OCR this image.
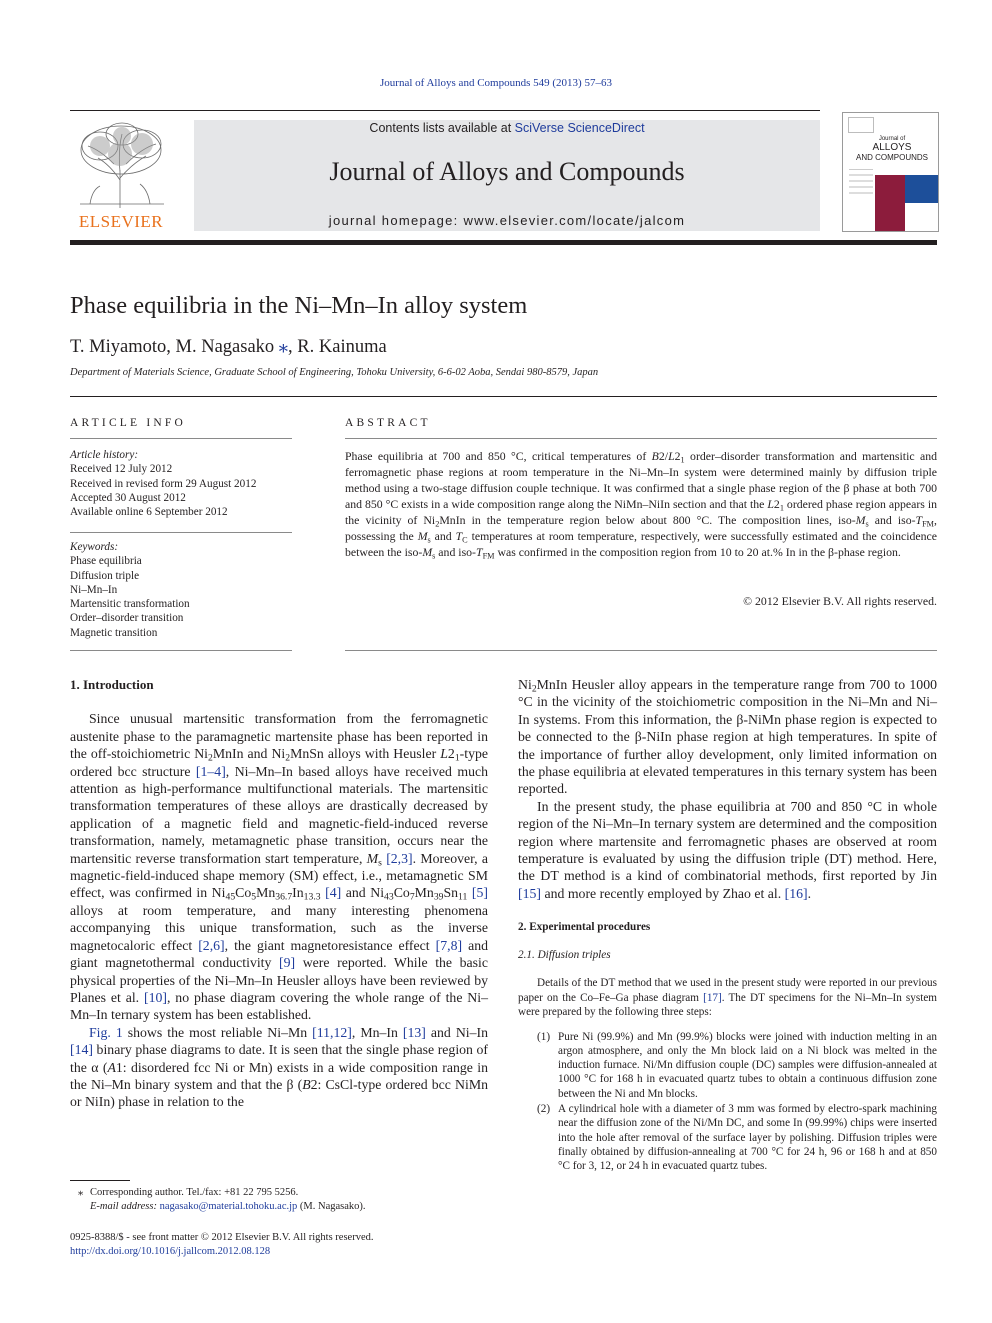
Journal of Alloys and Compounds 549 (2013) 57–63
ELSEVIER
Contents lists available at SciVerse ScienceDirect
Journal of Alloys and Compounds
journal homepage: www.elsevier.com/locate/jalcom
Journal of
ALLOYS
AND COMPOUNDS
Phase equilibria in the Ni–Mn–In alloy system
T. Miyamoto, M. Nagasako ⁎, R. Kainuma
Department of Materials Science, Graduate School of Engineering, Tohoku University, 6-6-02 Aoba, Sendai 980-8579, Japan
ARTICLE INFO	ABSTRACT
Article history:
Received 12 July 2012
Received in revised form 29 August 2012
Accepted 30 August 2012
Available online 6 September 2012
Keywords:
Phase equilibria
Diffusion triple
Ni–Mn–In
Martensitic transformation
Order–disorder transition
Magnetic transition
Phase equilibria at 700 and 850 °C, critical temperatures of $B2/L2_1$ order–disorder transformation and martensitic and ferromagnetic phase regions at room temperature in the Ni–Mn–In system were determined mainly by diffusion triple method using a two-stage diffusion couple technique. It was confirmed that a single phase region of the β phase at both 700 and 850 °C exists in a wide composition range along the NiMn–NiIn section and that the $L2_1$ ordered phase region appears in the vicinity of $Ni_2MnIn$ in the temperature region below about 800 °C. The composition lines, iso-$M_s$ and iso-$T_{FM}$, possessing the $M_s$ and $T_C$ temperatures at room temperature, respectively, were successfully estimated and the coincidence between the iso-$M_s$ and iso-$T_{FM}$ was confirmed in the composition region from 10 to 20 at.% In in the β-phase region.
© 2012 Elsevier B.V. All rights reserved.
1. Introduction

Since unusual martensitic transformation from the ferromagnetic austenite phase to the paramagnetic martensite phase has been reported in the off-stoichiometric $Ni_2MnIn$ and $Ni_2MnSn$ alloys with Heusler $L2_1$-type ordered bcc structure [1–4], Ni–Mn–In based alloys have received much attention as high-performance multifunctional materials. The martensitic transformation temperatures of these alloys are drastically decreased by application of a magnetic field and magnetic-field-induced reverse transformation, namely, metamagnetic phase transition, occurs near the martensitic reverse transformation start temperature, $M_s$ [2,3]. Moreover, a magnetic-field-induced shape memory (SM) effect, i.e., metamagnetic SM effect, was confirmed in $Ni_{45}Co_5Mn_{36.7}In_{13.3}$ [4] and $Ni_{43}Co_7Mn_{39}Sn_{11}$ [5] alloys at room temperature, and many interesting phenomena accompanying this unique transformation, such as the inverse magnetocaloric effect [2,6], the giant magnetoresistance effect [7,8] and giant magnetothermal conductivity [9] were reported. While the basic physical properties of the Ni–Mn–In Heusler alloys have been reviewed by Planes et al. [10], no phase diagram covering the whole range of the Ni–Mn–In ternary system has been established.

Fig. 1 shows the most reliable Ni–Mn [11,12], Mn–In [13] and Ni–In [14] binary phase diagrams to date. It is seen that the single phase region of the α (A1: disordered fcc Ni or Mn) exists in a wide composition range in the Ni–Mn binary system and that the β (B2: CsCl-type ordered bcc NiMn or NiIn) phase in relation to the

$Ni_2MnIn$ Heusler alloy appears in the temperature range from 700 to 1000 °C in the vicinity of the stoichiometric composition in the Ni–Mn and Ni–In systems. From this information, the β-NiMn phase region is expected to be connected to the β-NiIn phase region at high temperatures. In spite of the importance of further alloy development, only limited information on the phase equilibria at elevated temperatures in this ternary system has been reported.

In the present study, the phase equilibria at 700 and 850 °C in whole region of the Ni–Mn–In ternary system are determined and the composition region where martensite and ferromagnetic phases are observed at room temperature is evaluated by using the diffusion triple (DT) method. Here, the DT method is a kind of combinatorial methods, first reported by Jin [15] and more recently employed by Zhao et al. [16].

2. Experimental procedures
2.1. Diffusion triples

Details of the DT method that we used in the present study were reported in our previous paper on the Co–Fe–Ga phase diagram [17]. The DT specimens for the Ni–Mn–In system were prepared by the following three steps:

(1) Pure Ni (99.9%) and Mn (99.9%) blocks were joined with induction melting in an argon atmosphere, and only the Mn block laid on a Ni block was melted in the induction furnace. Ni/Mn diffusion couple (DC) samples were diffusion-annealed at 1000 °C for 168 h in evacuated quartz tubes to obtain a continuous diffusion zone between the Ni and Mn blocks.
(2) A cylindrical hole with a diameter of 3 mm was formed by electro-spark machining near the diffusion zone of the Ni/Mn DC, and some In (99.99%) chips were inserted into the hole after removal of the surface layer by polishing. Diffusion triples were finally obtained by diffusion-annealing at 700 °C for 24 h, 96 or 168 h and at 850 °C for 3, 12, or 24 h in evacuated quartz tubes.
⁎ Corresponding author. Tel./fax: +81 22 795 5256.
E-mail address: nagasako@material.tohoku.ac.jp (M. Nagasako).
0925-8388/$ - see front matter © 2012 Elsevier B.V. All rights reserved.
http://dx.doi.org/10.1016/j.jallcom.2012.08.128
